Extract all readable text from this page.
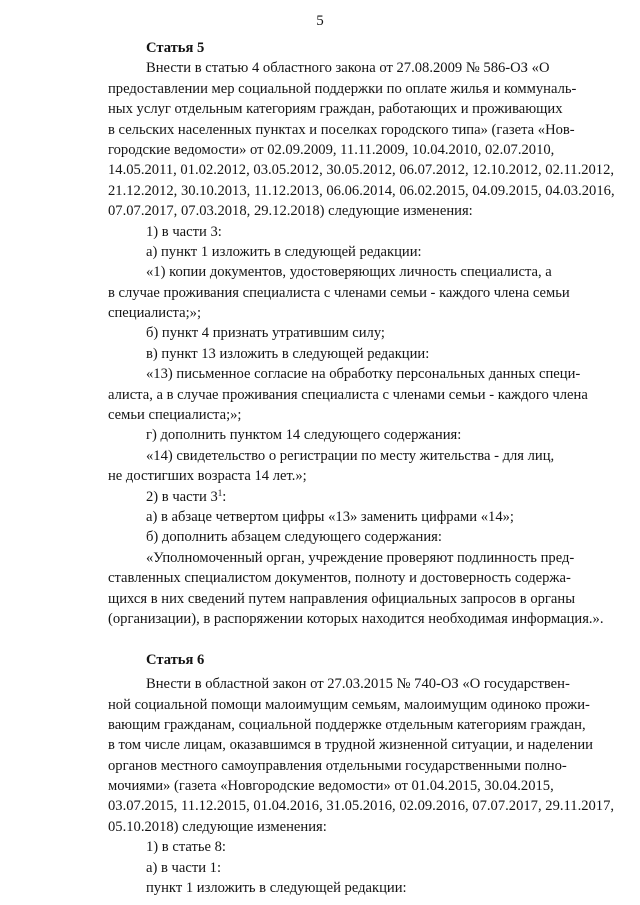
5
Статья 5
Внести в статью 4 областного закона от 27.08.2009 № 586-ОЗ «О
предоставлении мер социальной поддержки по оплате жилья и коммуналь-
ных услуг отдельным категориям граждан, работающих и проживающих
в сельских населенных пунктах и поселках городского типа» (газета «Нов-
городские ведомости» от 02.09.2009, 11.11.2009, 10.04.2010, 02.07.2010,
14.05.2011, 01.02.2012, 03.05.2012, 30.05.2012, 06.07.2012, 12.10.2012, 02.11.2012,
21.12.2012, 30.10.2013, 11.12.2013, 06.06.2014, 06.02.2015, 04.09.2015, 04.03.2016,
07.07.2017, 07.03.2018, 29.12.2018) следующие изменения:
1) в части 3:
а) пункт 1 изложить в следующей редакции:
«1) копии документов, удостоверяющих личность специалиста, а
в случае проживания специалиста с членами семьи - каждого члена семьи
специалиста;»;
б) пункт 4 признать утратившим силу;
в) пункт 13 изложить в следующей редакции:
«13) письменное согласие на обработку персональных данных специ-
алиста, а в случае проживания специалиста с членами семьи - каждого члена
семьи специалиста;»;
г) дополнить пунктом 14 следующего содержания:
«14) свидетельство о регистрации по месту жительства - для лиц,
не достигших возраста 14 лет.»;
2) в части $3^1$:
а) в абзаце четвертом цифры «13» заменить цифрами «14»;
б) дополнить абзацем следующего содержания:
«Уполномоченный орган, учреждение проверяют подлинность пред-
ставленных специалистом документов, полноту и достоверность содержа-
щихся в них сведений путем направления официальных запросов в органы
(организации), в распоряжении которых находится необходимая информация.».
Статья 6
Внести в областной закон от 27.03.2015 № 740-ОЗ «О государствен-
ной социальной помощи малоимущим семьям, малоимущим одиноко прожи-
вающим гражданам, социальной поддержке отдельным категориям граждан,
в том числе лицам, оказавшимся в трудной жизненной ситуации, и наделении
органов местного самоуправления отдельными государственными полно-
мочиями» (газета «Новгородские ведомости» от 01.04.2015, 30.04.2015,
03.07.2015, 11.12.2015, 01.04.2016, 31.05.2016, 02.09.2016, 07.07.2017, 29.11.2017,
05.10.2018) следующие изменения:
1) в статье 8:
а) в части 1:
пункт 1 изложить в следующей редакции:
